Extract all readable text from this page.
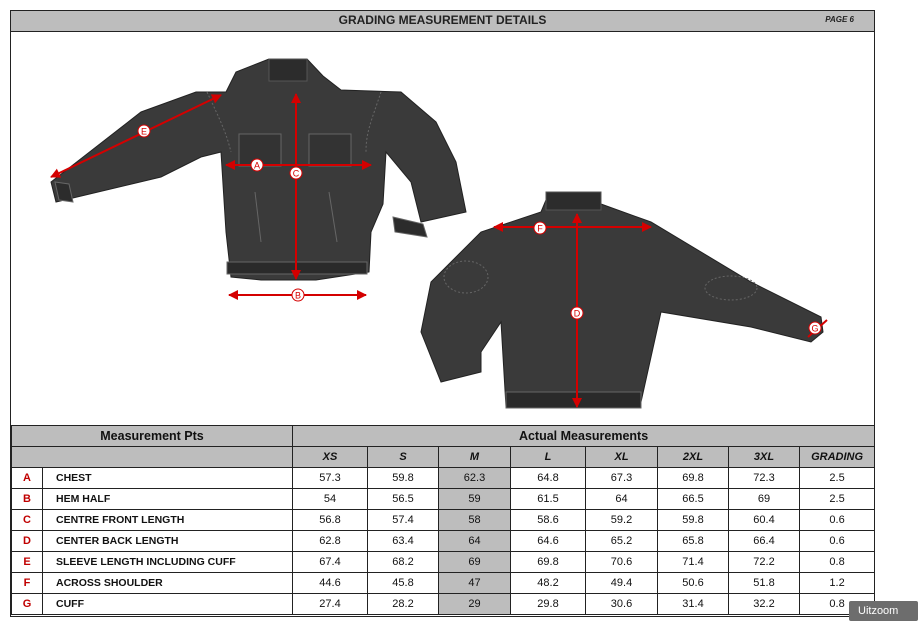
GRADING MEASUREMENT DETAILS	PAGE 6
A
C
B
E
F
D
G
Measurement Pts		Actual Measurements							
		XS	S	M	L	XL	2XL	3XL	GRADING
A	CHEST	57.3	59.8	62.3	64.8	67.3	69.8	72.3	2.5
B	HEM HALF	54	56.5	59	61.5	64	66.5	69	2.5
C	CENTRE FRONT LENGTH	56.8	57.4	58	58.6	59.2	59.8	60.4	0.6
D	CENTER BACK LENGTH	62.8	63.4	64	64.6	65.2	65.8	66.4	0.6
E	SLEEVE LENGTH INCLUDING CUFF	67.4	68.2	69	69.8	70.6	71.4	72.2	0.8
F	ACROSS SHOULDER	44.6	45.8	47	48.2	49.4	50.6	51.8	1.2
G	CUFF	27.4	28.2	29	29.8	30.6	31.4	32.2	0.8
Uitzoom
